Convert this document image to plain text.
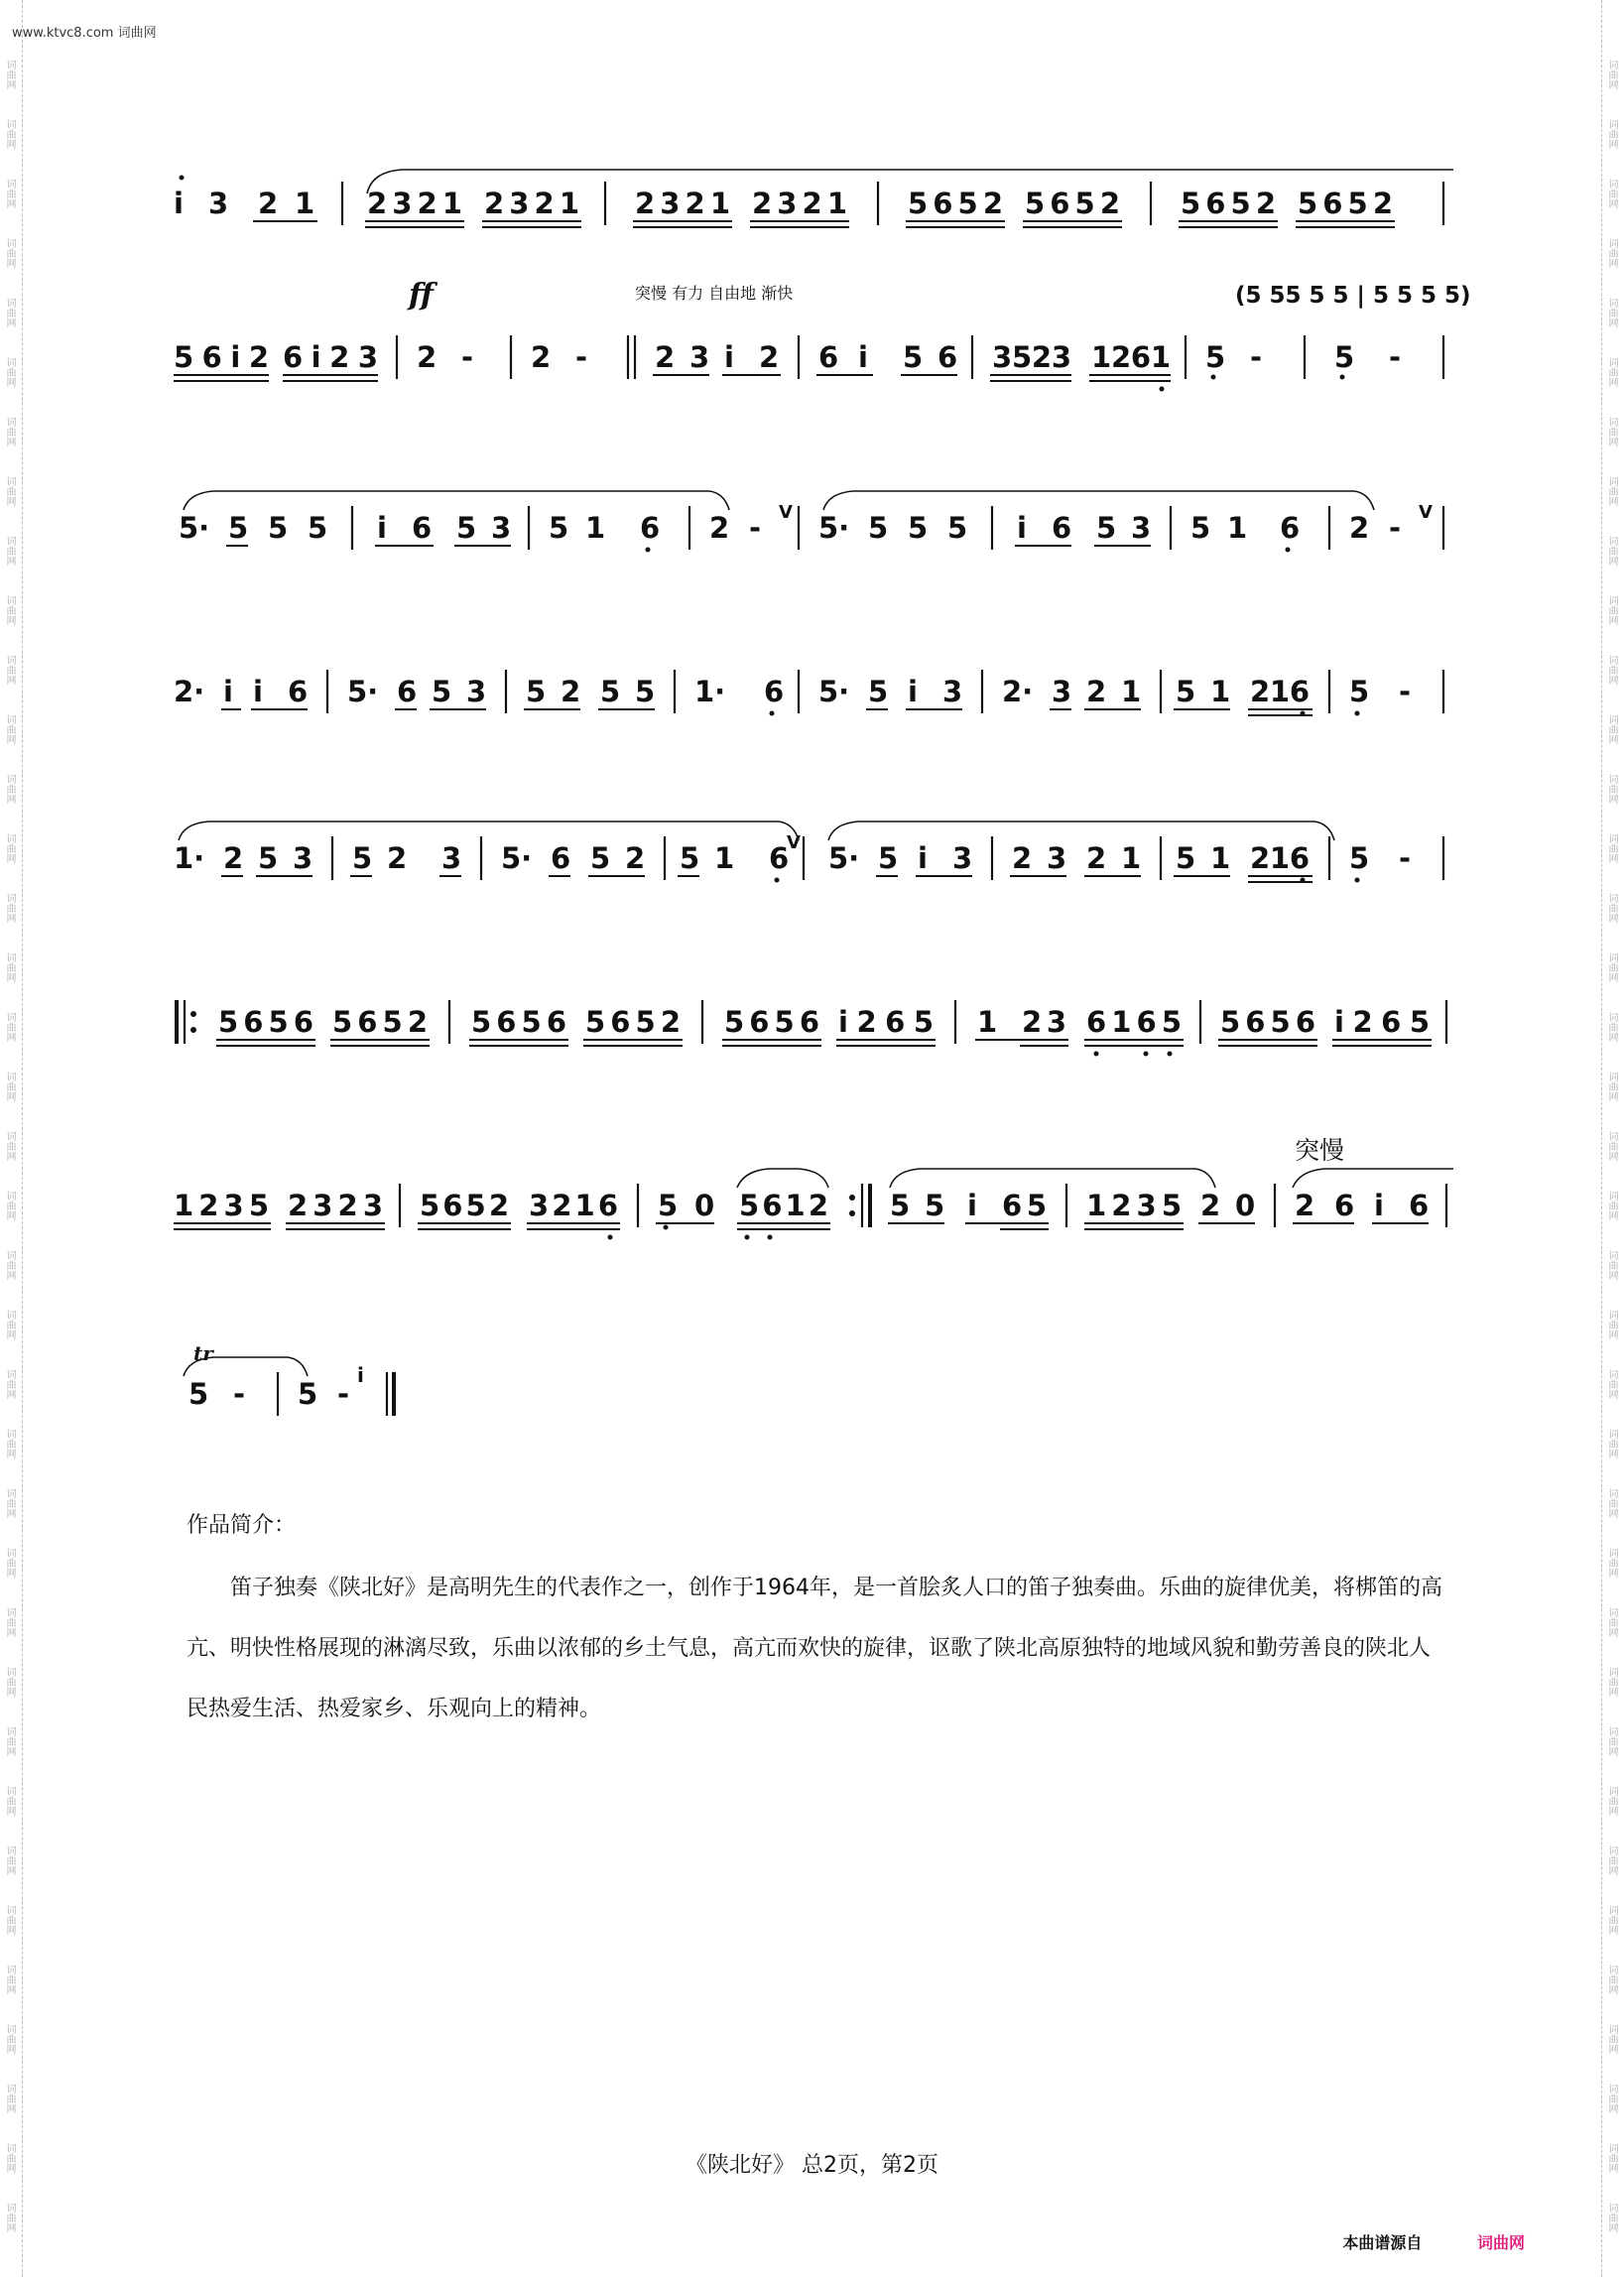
词曲网
词曲网
词曲网
词曲网
词曲网
词曲网
词曲网
词曲网
词曲网
词曲网
词曲网
词曲网
词曲网
词曲网
词曲网
词曲网
词曲网
词曲网
词曲网
词曲网
词曲网
词曲网
词曲网
词曲网
词曲网
词曲网
词曲网
词曲网
词曲网
词曲网
词曲网
词曲网
词曲网
词曲网
词曲网
词曲网
词曲网
词曲网
词曲网
词曲网
词曲网
词曲网
词曲网
词曲网
词曲网
词曲网
词曲网
词曲网
词曲网
词曲网
词曲网
词曲网
词曲网
词曲网
词曲网
词曲网
词曲网
词曲网
词曲网
词曲网
词曲网
词曲网
词曲网
词曲网
词曲网
词曲网
词曲网
词曲网
词曲网
词曲网
词曲网
词曲网
词曲网
词曲网
www.ktvc8.com 词曲网
i 3 2 1 2321 2321 2321 2321 5652 5652 5652 5652
突慢 有力 自由地 渐快	(5 55 5 5 | 5 5 5 5)
ff
56i2 6i23 2 - 2 - 2 3 i 2 6 i 5 6 3523 1261 5 -	5 -
5· 5 5 5 i 6 5 3 5 1 6 2 - V 5· 5 5 5 i 6 5 3 5 1 6 2 - V
2· i i 6 5· 6 5 3 5 2 5 5 1· 6 5· 5 i 3 2· 3 2 1 5 1 216 5 -
1· 2 5 3 5 2 3 5· 6 5 2 5 1 6
V 5· 5 i 3 2 3 2 1 5 1 216 5 -
5656 5652 5656 5652 5656 i265 1 23 6165 5656 i265
突慢
1235 2323 5652 3216 5 0 5612 5 5 i 65 1235 2 0 2 6 i 6
tr
5 - 5 -
i
作品简介：
笛子独奏《陕北好》是高明先生的代表作之一，创作于1964年，是一首脍炙人口的笛子独奏曲。乐曲的旋律优美，将梆笛的高亢、明快性格展现的淋漓尽致，乐曲以浓郁的乡土气息，高亢而欢快的旋律，讴歌了陕北高原独特的地域风貌和勤劳善良的陕北人民热爱生活、热爱家乡、乐观向上的精神。
《陕北好》 总2页，第2页
本曲谱源自	词曲网
